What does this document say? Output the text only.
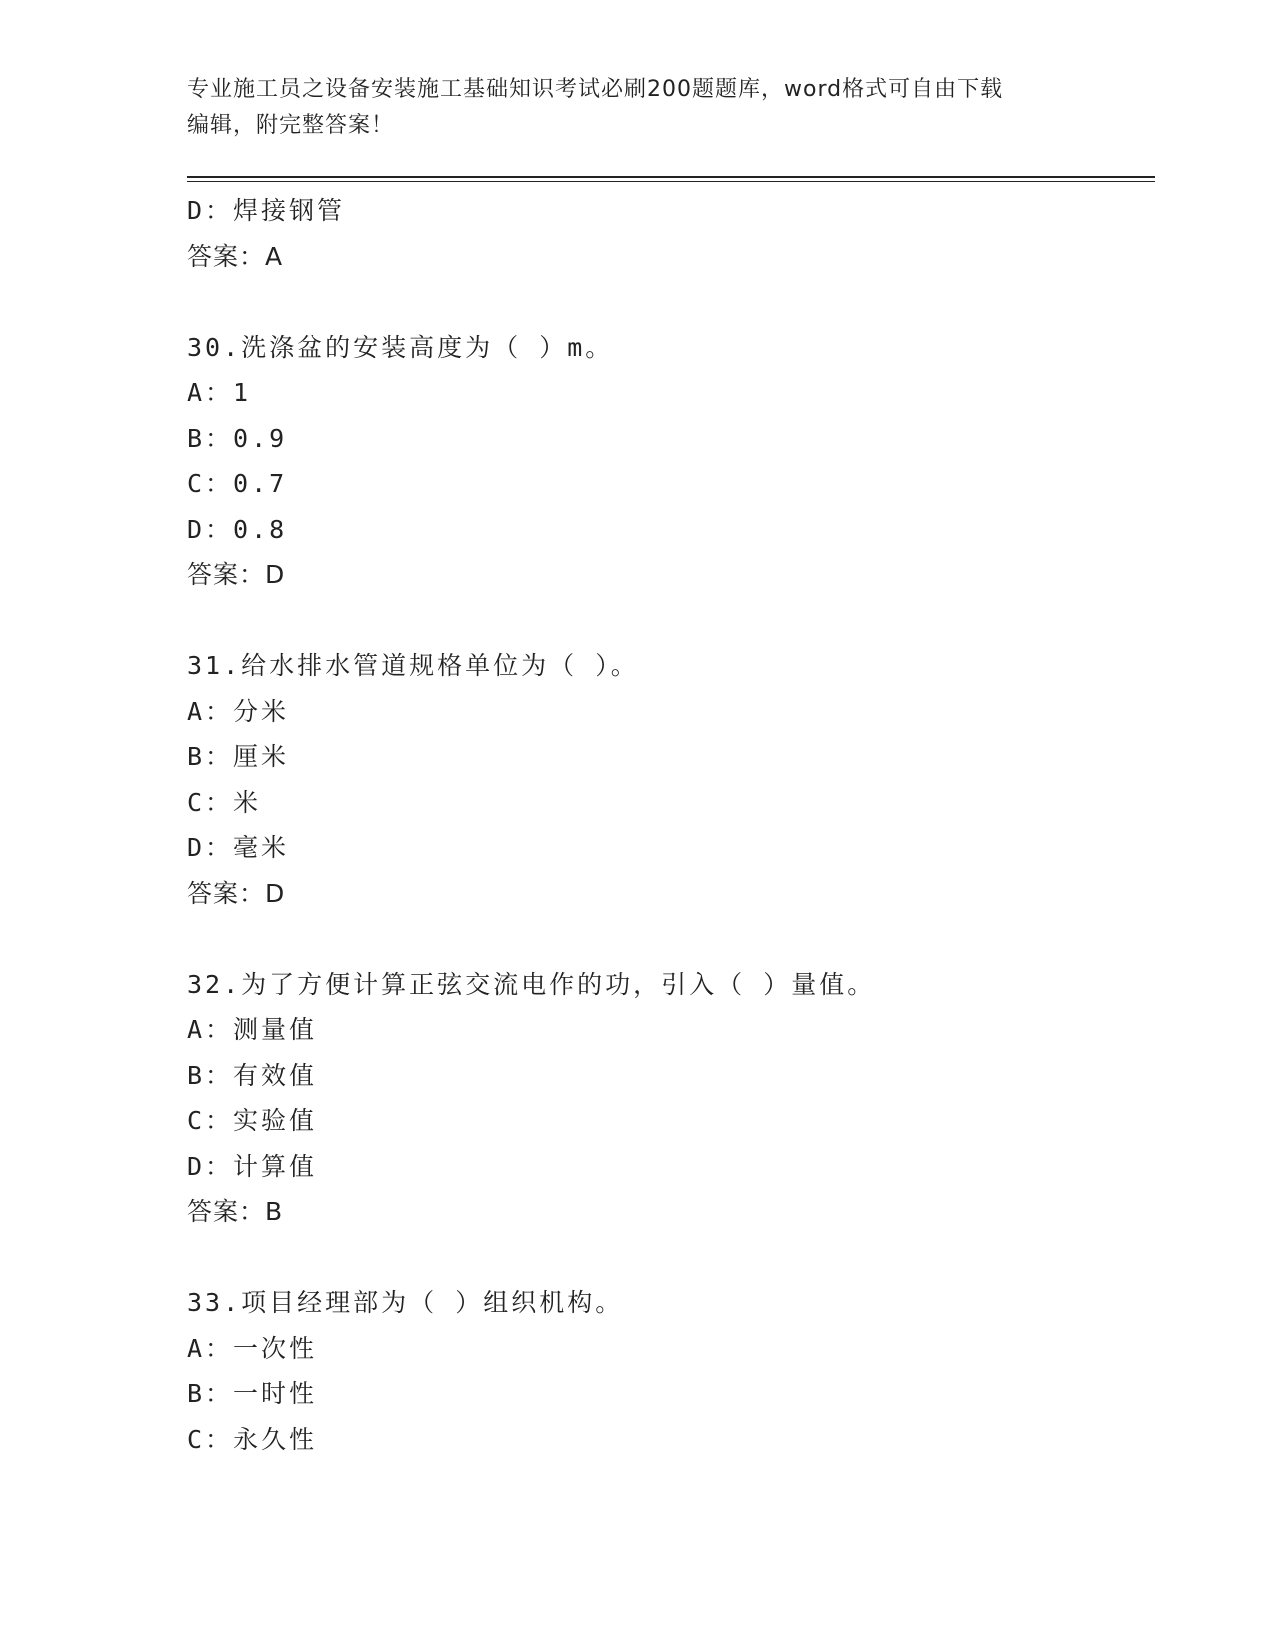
专业施工员之设备安装施工基础知识考试必刷200题题库，word格式可自由下载
编辑，附完整答案！
D：焊接钢管
答案：A
30.洗涤盆的安装高度为（ ）m。
A：1
B：0.9
C：0.7
D：0.8
答案：D
31.给水排水管道规格单位为（ ）。
A：分米
B：厘米
C：米
D：毫米
答案：D
32.为了方便计算正弦交流电作的功，引入（ ）量值。
A：测量值
B：有效值
C：实验值
D：计算值
答案：B
33.项目经理部为（ ）组织机构。
A：一次性
B：一时性
C：永久性
